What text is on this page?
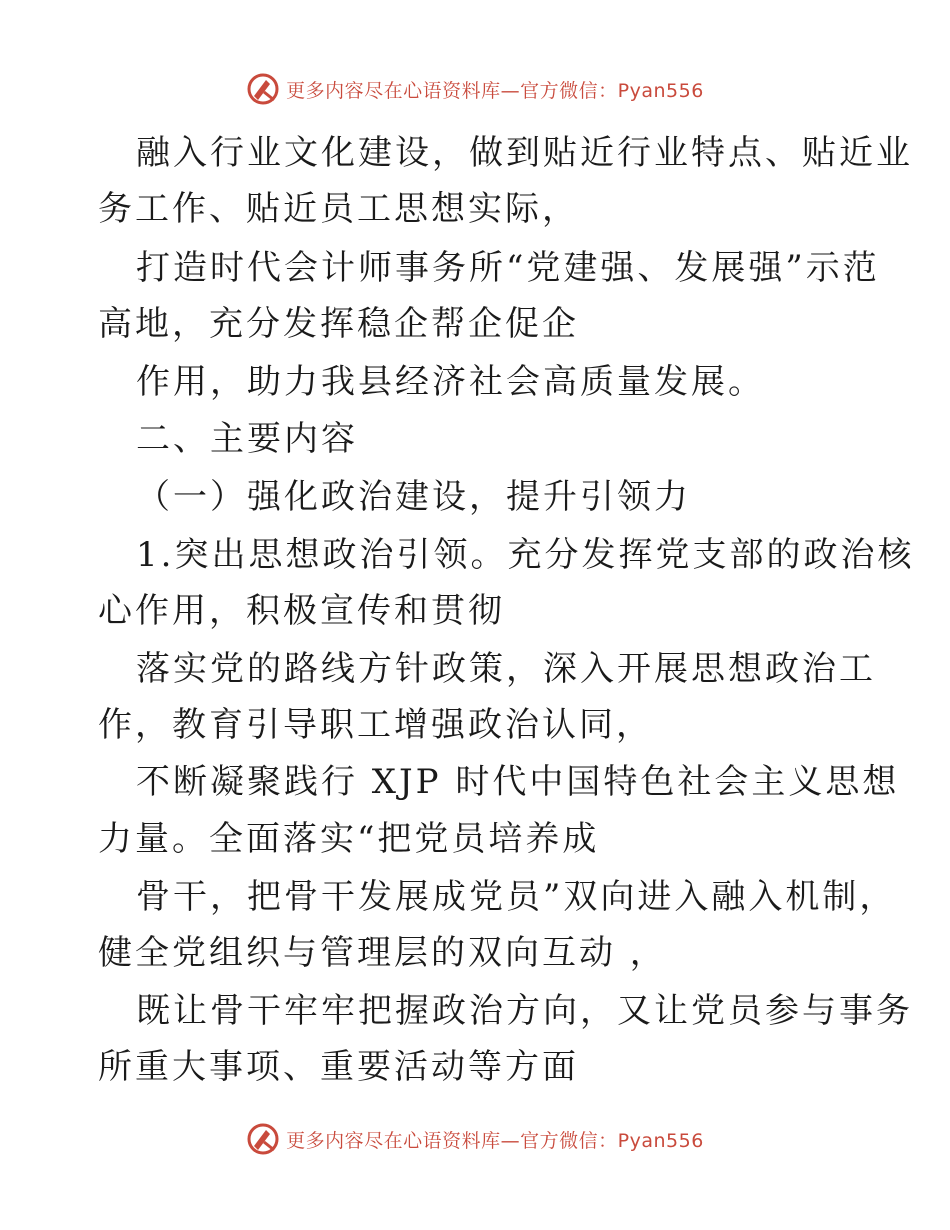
更多内容尽在心语资料库—官方微信：Pyan556
融入行业文化建设，做到贴近行业特点、贴近业
务工作、贴近员工思想实际，
打造时代会计师事务所“党建强、发展强”示范
高地，充分发挥稳企帮企促企
作用，助力我县经济社会高质量发展。
二、主要内容
（一）强化政治建设，提升引领力
1.突出思想政治引领。充分发挥党支部的政治核
心作用，积极宣传和贯彻
落实党的路线方针政策，深入开展思想政治工
作，教育引导职工增强政治认同，
不断凝聚践行 XJP 时代中国特色社会主义思想
力量。全面落实“把党员培养成
骨干，把骨干发展成党员”双向进入融入机制，
健全党组织与管理层的双向互动 ，
既让骨干牢牢把握政治方向，又让党员参与事务
所重大事项、重要活动等方面
更多内容尽在心语资料库—官方微信：Pyan556
